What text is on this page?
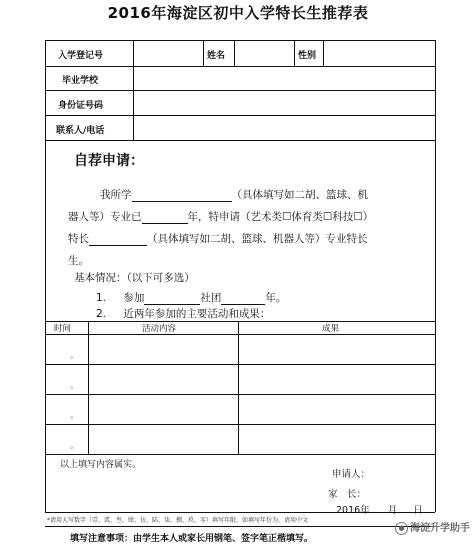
2016年海淀区初中入学特长生推荐表
入学登记号	姓名	性别
毕业学校
身份证号码
联系人/电话
自荐申请：
我所学	（具体填写如二胡、篮球、机
器人等）专业已	年，特申请（艺术类☐体育类☐科技☐）
特长	（具体填写如二胡、篮球、机器人等）专业特长
生。
基本情况：（以下可多选）
1. 参加	社团	年。
2. 近两年参加的主要活动和成果：
时间	活动内容	成果
。
。
。
。
以上填写内容属实。
申请人：
家　长：
2016年 月 日
*请用大写数字（壹、贰、叁、肆、伍、陆、柒、捌、玖、零）填写年限，如填写年份为、请用中文
填写注意事项：由学生本人或家长用钢笔、签字笔正楷填写。
● 海淀升学助手
